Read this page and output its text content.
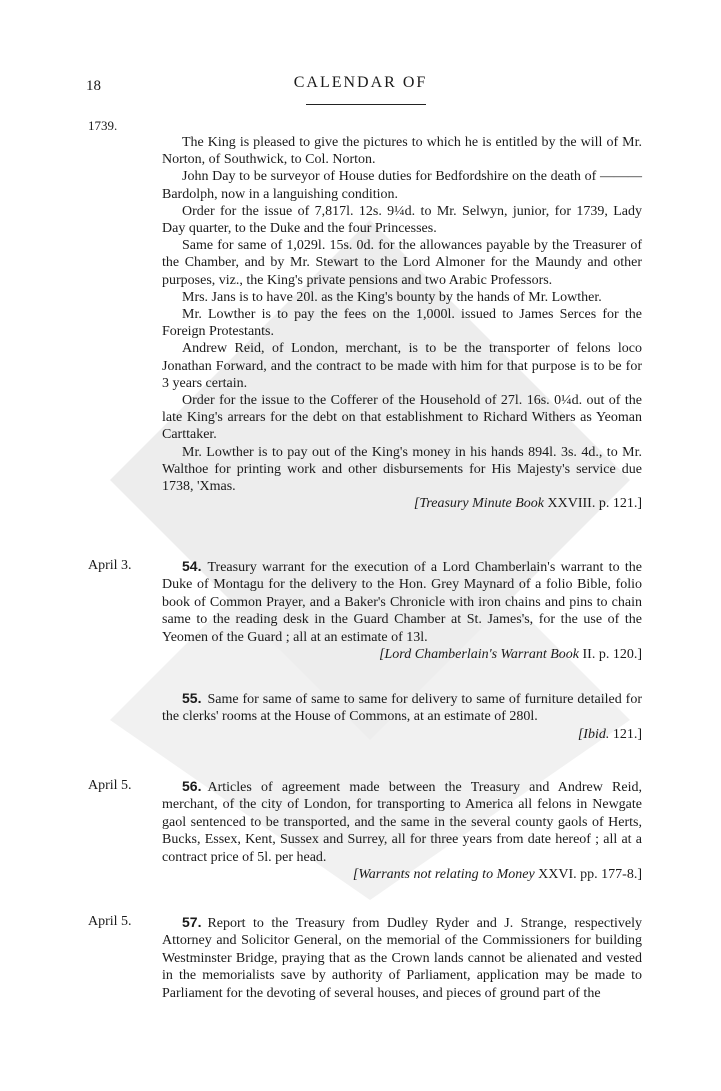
18	CALENDAR OF
1739.

The King is pleased to give the pictures to which he is entitled by the will of Mr. Norton, of Southwick, to Col. Norton.

John Day to be surveyor of House duties for Bedfordshire on the death of ——— Bardolph, now in a languishing condition.

Order for the issue of 7,817l. 12s. 9¼d. to Mr. Selwyn, junior, for 1739, Lady Day quarter, to the Duke and the four Princesses.

Same for same of 1,029l. 15s. 0d. for the allowances payable by the Treasurer of the Chamber, and by Mr. Stewart to the Lord Almoner for the Maundy and other purposes, viz., the King's private pensions and two Arabic Professors.

Mrs. Jans is to have 20l. as the King's bounty by the hands of Mr. Lowther.

Mr. Lowther is to pay the fees on the 1,000l. issued to James Serces for the Foreign Protestants.

Andrew Reid, of London, merchant, is to be the transporter of felons loco Jonathan Forward, and the contract to be made with him for that purpose is to be for 3 years certain.

Order for the issue to the Cofferer of the Household of 27l. 16s. 0¼d. out of the late King's arrears for the debt on that establishment to Richard Withers as Yeoman Carttaker.

Mr. Lowther is to pay out of the King's money in his hands 894l. 3s. 4d., to Mr. Walthoe for printing work and other disbursements for His Majesty's service due 1738, 'Xmas.

[Treasury Minute Book XXVIII. p. 121.]

April 3.	54. Treasury warrant for the execution of a Lord Chamberlain's warrant to the Duke of Montagu for the delivery to the Hon. Grey Maynard of a folio Bible, folio book of Common Prayer, and a Baker's Chronicle with iron chains and pins to chain same to the reading desk in the Guard Chamber at St. James's, for the use of the Yeomen of the Guard ; all at an estimate of 13l.

[Lord Chamberlain's Warrant Book II. p. 120.]

55. Same for same of same to same for delivery to same of furniture detailed for the clerks' rooms at the House of Commons, at an estimate of 280l.

[Ibid. 121.]

April 5.	56. Articles of agreement made between the Treasury and Andrew Reid, merchant, of the city of London, for transporting to America all felons in Newgate gaol sentenced to be transported, and the same in the several county gaols of Herts, Bucks, Essex, Kent, Sussex and Surrey, all for three years from date hereof ; all at a contract price of 5l. per head.

[Warrants not relating to Money XXVI. pp. 177-8.]

April 5.	57. Report to the Treasury from Dudley Ryder and J. Strange, respectively Attorney and Solicitor General, on the memorial of the Commissioners for building Westminster Bridge, praying that as the Crown lands cannot be alienated and vested in the memorialists save by authority of Parliament, application may be made to Parliament for the devoting of several houses, and pieces of ground part of the
